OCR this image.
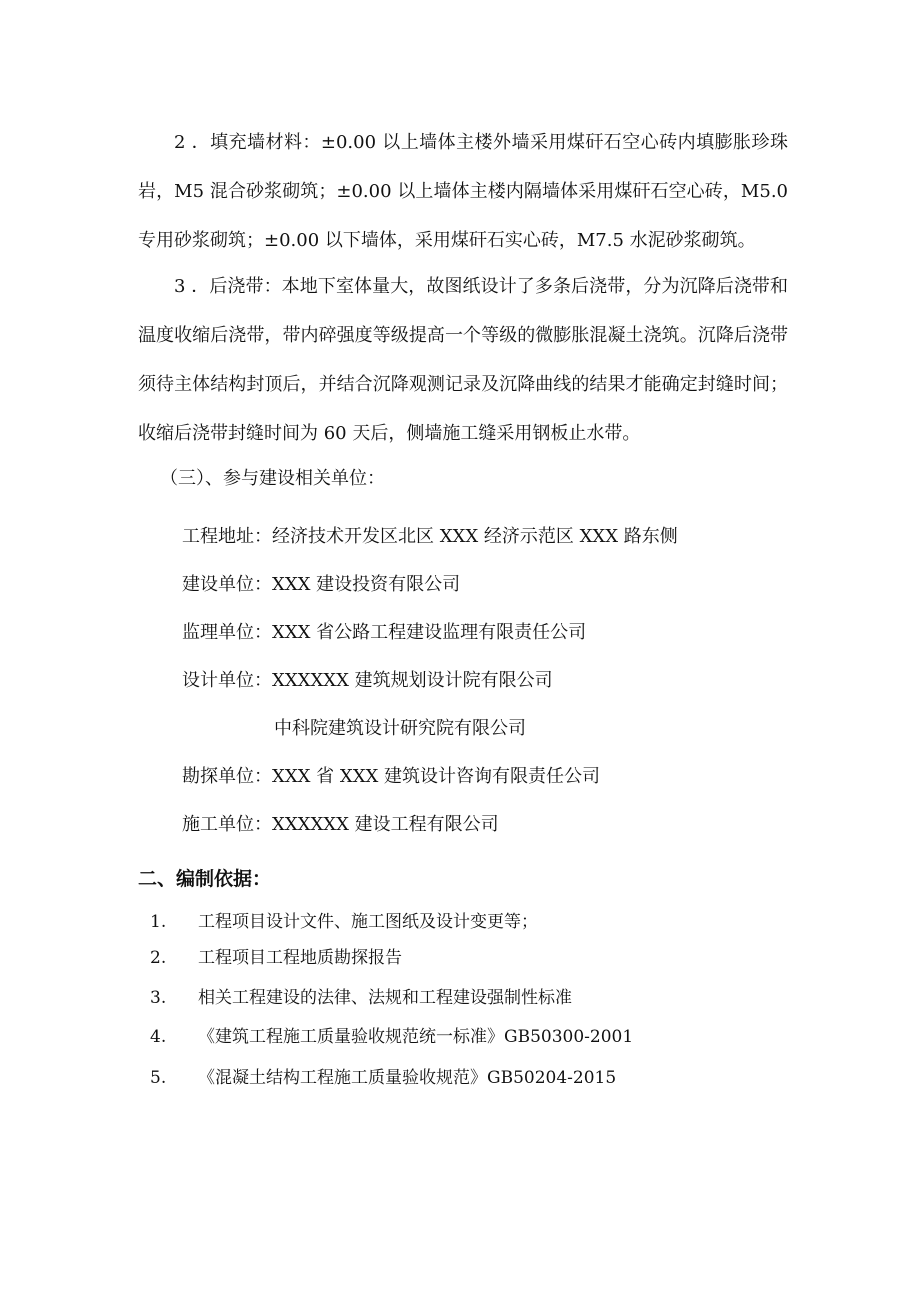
2 ．填充墙材料：±0.00 以上墙体主楼外墙采用煤矸石空心砖内填膨胀珍珠岩，M5 混合砂浆砌筑；±0.00 以上墙体主楼内隔墙体采用煤矸石空心砖，M5.0 专用砂浆砌筑；±0.00 以下墙体，采用煤矸石实心砖，M7.5 水泥砂浆砌筑。

3 ．后浇带：本地下室体量大，故图纸设计了多条后浇带，分为沉降后浇带和温度收缩后浇带，带内碎强度等级提高一个等级的微膨胀混凝土浇筑。沉降后浇带须待主体结构封顶后，并结合沉降观测记录及沉降曲线的结果才能确定封缝时间；收缩后浇带封缝时间为 60 天后，侧墙施工缝采用钢板止水带。

（三）、参与建设相关单位：
工程地址：经济技术开发区北区 XXX 经济示范区 XXX 路东侧
建设单位：XXX 建设投资有限公司
监理单位：XXX 省公路工程建设监理有限责任公司
设计单位：XXXXXX 建筑规划设计院有限公司
中科院建筑设计研究院有限公司
勘探单位：XXX 省 XXX 建筑设计咨询有限责任公司
施工单位：XXXXXX 建设工程有限公司
二、编制依据：
1. 工程项目设计文件、施工图纸及设计变更等；
2. 工程项目工程地质勘探报告
3. 相关工程建设的法律、法规和工程建设强制性标准
4. 《建筑工程施工质量验收规范统一标准》GB50300-2001
5. 《混凝土结构工程施工质量验收规范》GB50204-2015
